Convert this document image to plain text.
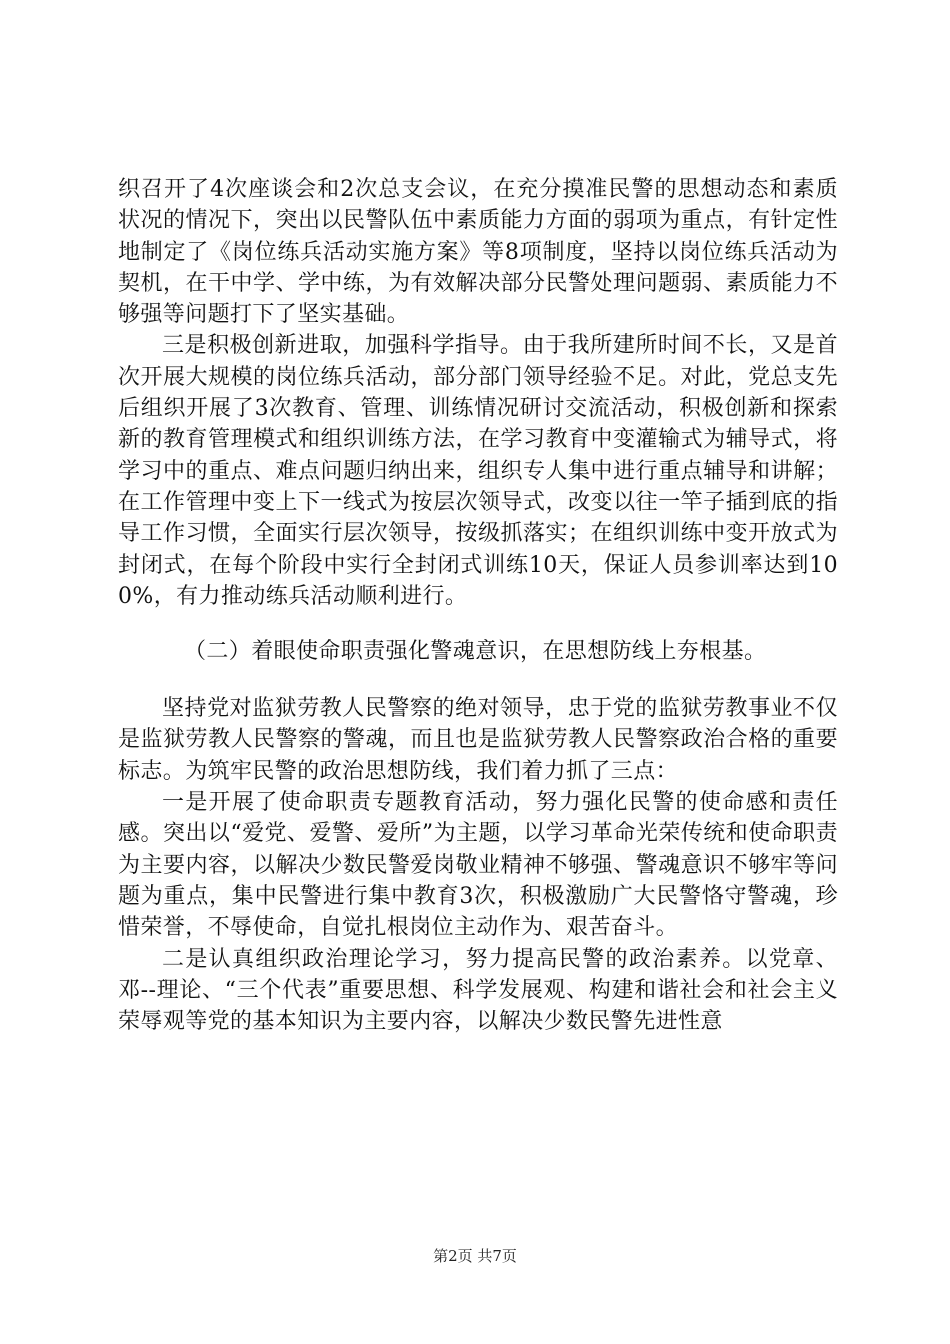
织召开了4次座谈会和2次总支会议，在充分摸准民警的思想动态和素质状况的情况下，突出以民警队伍中素质能力方面的弱项为重点，有针定性地制定了《岗位练兵活动实施方案》等8项制度，坚持以岗位练兵活动为契机，在干中学、学中练，为有效解决部分民警处理问题弱、素质能力不够强等问题打下了坚实基础。

三是积极创新进取，加强科学指导。由于我所建所时间不长，又是首次开展大规模的岗位练兵活动，部分部门领导经验不足。对此，党总支先后组织开展了3次教育、管理、训练情况研讨交流活动，积极创新和探索新的教育管理模式和组织训练方法，在学习教育中变灌输式为辅导式，将学习中的重点、难点问题归纳出来，组织专人集中进行重点辅导和讲解；在工作管理中变上下一线式为按层次领导式，改变以往一竿子插到底的指导工作习惯，全面实行层次领导，按级抓落实；在组织训练中变开放式为封闭式，在每个阶段中实行全封闭式训练10天，保证人员参训率达到100%，有力推动练兵活动顺利进行。

（二）着眼使命职责强化警魂意识，在思想防线上夯根基。

坚持党对监狱劳教人民警察的绝对领导，忠于党的监狱劳教事业不仅是监狱劳教人民警察的警魂，而且也是监狱劳教人民警察政治合格的重要标志。为筑牢民警的政治思想防线，我们着力抓了三点：

一是开展了使命职责专题教育活动，努力强化民警的使命感和责任感。突出以“爱党、爱警、爱所”为主题，以学习革命光荣传统和使命职责为主要内容，以解决少数民警爱岗敬业精神不够强、警魂意识不够牢等问题为重点，集中民警进行集中教育3次，积极激励广大民警恪守警魂，珍惜荣誉，不辱使命，自觉扎根岗位主动作为、艰苦奋斗。

二是认真组织政治理论学习，努力提高民警的政治素养。以党章、邓--理论、“三个代表”重要思想、科学发展观、构建和谐社会和社会主义荣辱观等党的基本知识为主要内容，以解决少数民警先进性意

第2页 共7页
